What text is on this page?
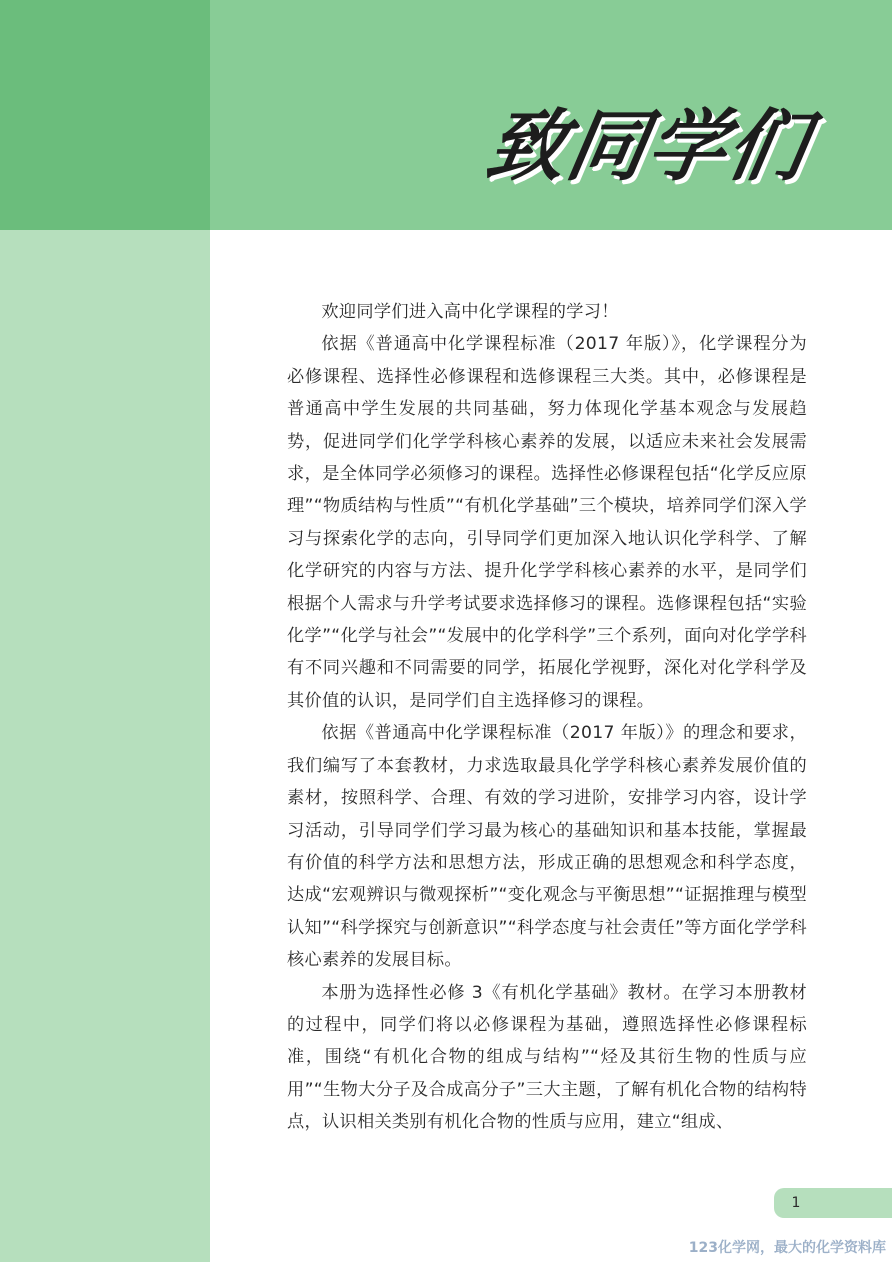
致同学们

欢迎同学们进入高中化学课程的学习！

依据《普通高中化学课程标准（2017 年版）》，化学课程分为必修课程、选择性必修课程和选修课程三大类。其中，必修课程是普通高中学生发展的共同基础，努力体现化学基本观念与发展趋势，促进同学们化学学科核心素养的发展，以适应未来社会发展需求，是全体同学必须修习的课程。选择性必修课程包括“化学反应原理”“物质结构与性质”“有机化学基础”三个模块，培养同学们深入学习与探索化学的志向，引导同学们更加深入地认识化学科学、了解化学研究的内容与方法、提升化学学科核心素养的水平，是同学们根据个人需求与升学考试要求选择修习的课程。选修课程包括“实验化学”“化学与社会”“发展中的化学科学”三个系列，面向对化学学科有不同兴趣和不同需要的同学，拓展化学视野，深化对化学科学及其价值的认识，是同学们自主选择修习的课程。

依据《普通高中化学课程标准（2017 年版）》的理念和要求，我们编写了本套教材，力求选取最具化学学科核心素养发展价值的素材，按照科学、合理、有效的学习进阶，安排学习内容，设计学习活动，引导同学们学习最为核心的基础知识和基本技能，掌握最有价值的科学方法和思想方法，形成正确的思想观念和科学态度，达成“宏观辨识与微观探析”“变化观念与平衡思想”“证据推理与模型认知”“科学探究与创新意识”“科学态度与社会责任”等方面化学学科核心素养的发展目标。

本册为选择性必修 3《有机化学基础》教材。在学习本册教材的过程中，同学们将以必修课程为基础，遵照选择性必修课程标准，围绕“有机化合物的组成与结构”“烃及其衍生物的性质与应用”“生物大分子及合成高分子”三大主题，了解有机化合物的结构特点，认识相关类别有机化合物的性质与应用，建立“组成、

1
123化学网，最大的化学资料库
